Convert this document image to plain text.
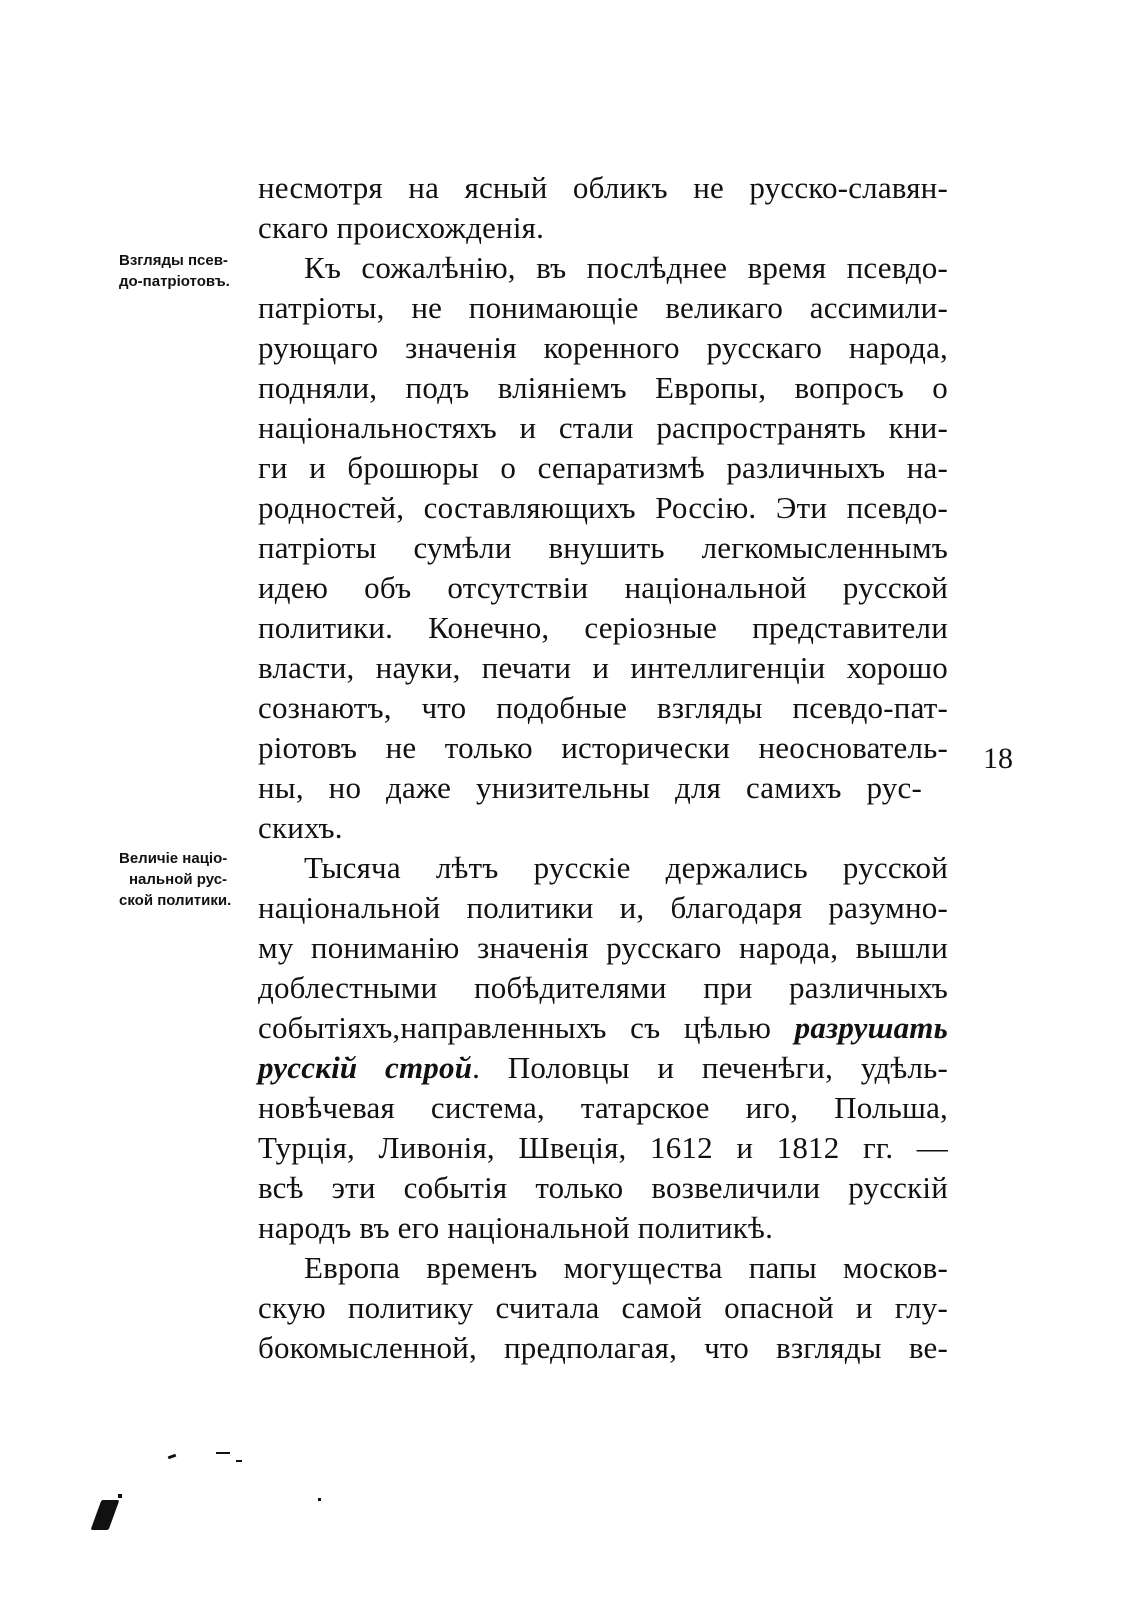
Взгляды псев-
до-патріотовъ.
Величіе націо-
нальной рус-
ской политики.
18
несмотря на ясный обликъ не русско-славян-
скаго происхожденія.
Къ сожалѣнію, въ послѣднее время псевдо-
патріоты, не понимающіе великаго ассимили-
рующаго значенія коренного русскаго народа,
подняли, подъ вліяніемъ Европы, вопросъ о
національностяхъ и стали распространять кни-
ги и брошюры о сепаратизмѣ различныхъ на-
родностей, составляющихъ Россію. Эти псевдо-
патріоты сумѣли внушить легкомысленнымъ
идею объ отсутствіи національной русской
политики. Конечно, серіозные представители
власти, науки, печати и интеллигенціи хорошо
сознаютъ, что подобные взгляды псевдо-пат-
ріотовъ не только исторически неоснователь-
ны, но даже унизительны для самихъ рус-
скихъ.
Тысяча лѣтъ русскіе держались русской
національной политики и, благодаря разумно-
му пониманію значенія русскаго народа, вышли
доблестными побѣдителями при различныхъ
событіяхъ,направленныхъ съ цѣлью разрушать
русскій строй. Половцы и печенѣги, удѣль-
новѣчевая система, татарское иго, Польша,
Турція, Ливонія, Швеція, 1612 и 1812 гг. —
всѣ эти событія только возвеличили русскій
народъ въ его національной политикѣ.
Европа временъ могущества папы москов-
скую политику считала самой опасной и глу-
бокомысленной, предполагая, что взгляды ве-
